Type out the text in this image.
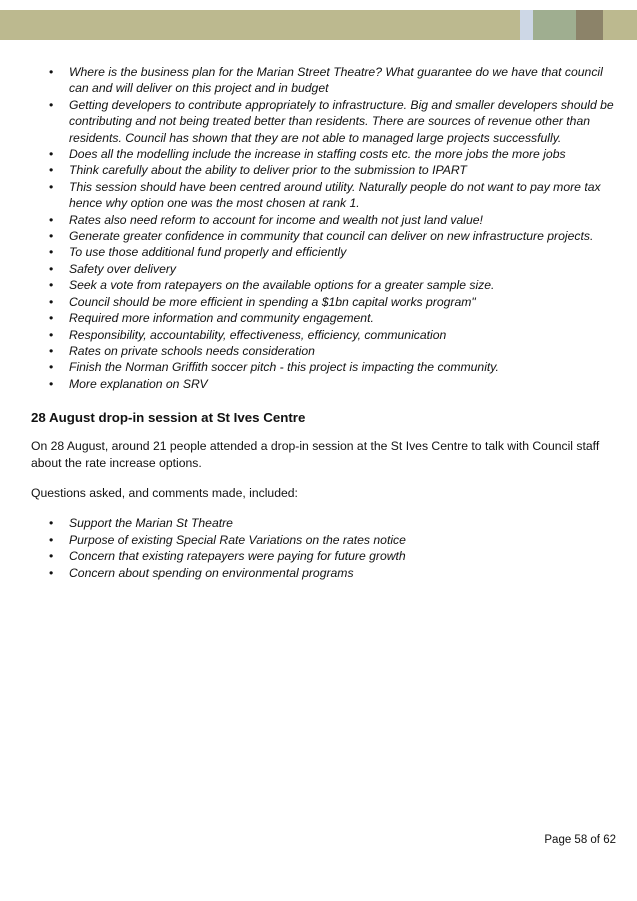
• Where is the business plan for the Marian Street Theatre? What guarantee do we have that council can and will deliver on this project and in budget
• Getting developers to contribute appropriately to infrastructure. Big and smaller developers should be contributing and not being treated better than residents. There are sources of revenue other than residents. Council has shown that they are not able to managed large projects successfully.
• Does all the modelling include the increase in staffing costs etc. the more jobs the more jobs
• Think carefully about the ability to deliver prior to the submission to IPART
• This session should have been centred around utility. Naturally people do not want to pay more tax hence why option one was the most chosen at rank 1.
• Rates also need reform to account for income and wealth not just land value!
• Generate greater confidence in community that council can deliver on new infrastructure projects.
• To use those additional fund properly and efficiently
• Safety over delivery
• Seek a vote from ratepayers on the available options for a greater sample size.
• Council should be more efficient in spending a $1bn capital works program"
• Required more information and community engagement.
• Responsibility, accountability, effectiveness, efficiency, communication
• Rates on private schools needs consideration
• Finish the Norman Griffith soccer pitch - this project is impacting the community.
• More explanation on SRV
28 August drop-in session at St Ives Centre

On 28 August, around 21 people attended a drop-in session at the St Ives Centre to talk with Council staff about the rate increase options.

Questions asked, and comments made, included:

• Support the Marian St Theatre
• Purpose of existing Special Rate Variations on the rates notice
• Concern that existing ratepayers were paying for future growth
• Concern about spending on environmental programs
Page 58 of 62
